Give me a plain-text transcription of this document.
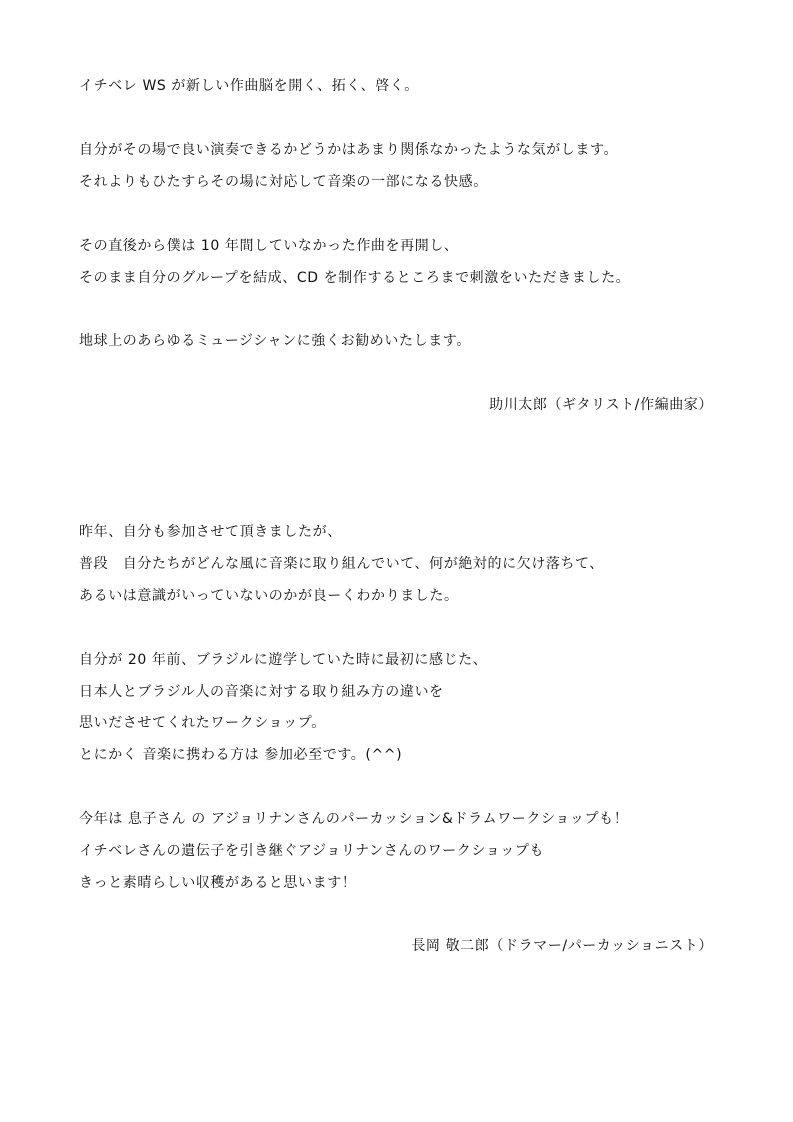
イチベレ WS が新しい作曲脳を開く、拓く、啓く。
自分がその場で良い演奏できるかどうかはあまり関係なかったような気がします。
それよりもひたすらその場に対応して音楽の一部になる快感。
その直後から僕は 10 年間していなかった作曲を再開し、
そのまま自分のグループを結成、CD を制作するところまで刺激をいただきました。
地球上のあらゆるミュージシャンに強くお勧めいたします。
助川太郎（ギタリスト/作編曲家）
昨年、自分も参加させて頂きましたが、
普段　自分たちがどんな風に音楽に取り組んでいて、何が絶対的に欠け落ちて、
あるいは意識がいっていないのかが良ーくわかりました。
自分が 20 年前、ブラジルに遊学していた時に最初に感じた、
日本人とブラジル人の音楽に対する取り組み方の違いを
思いださせてくれたワークショップ。
とにかく 音楽に携わる方は 参加必至です。(^^)
今年は 息子さん の アジョリナンさんのパーカッション&ドラムワークショップも！
イチベレさんの遺伝子を引き継ぐアジョリナンさんのワークショップも
きっと素晴らしい収穫があると思います！
長岡 敬二郎（ドラマー/パーカッショニスト）
